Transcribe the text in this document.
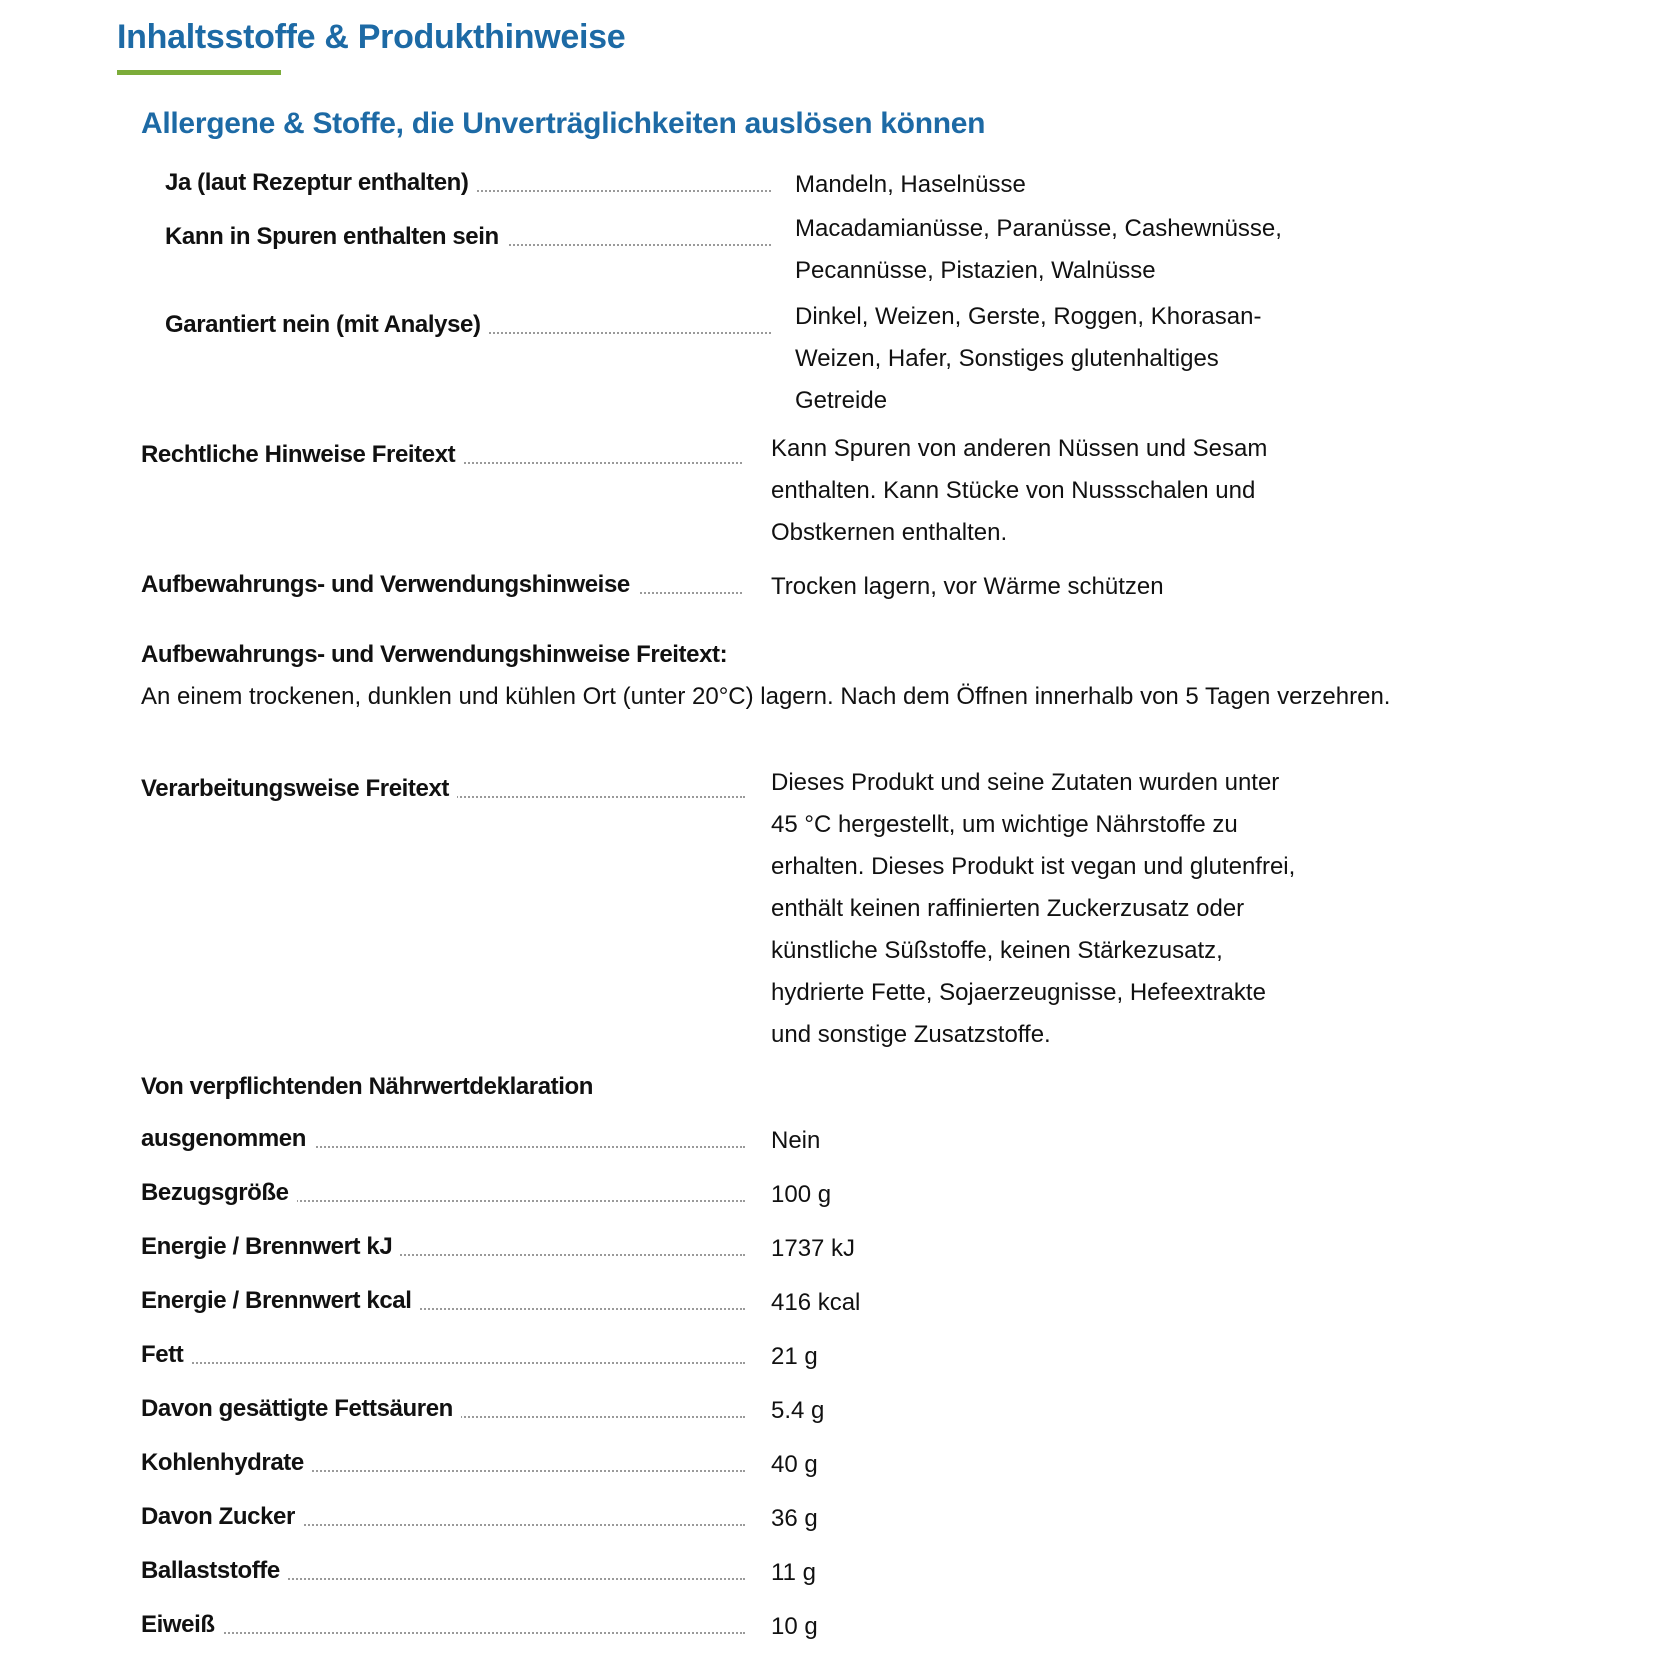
Inhaltsstoffe & Produkthinweise
Allergene & Stoffe, die Unverträglichkeiten auslösen können
Ja (laut Rezeptur enthalten)	Mandeln, Haselnüsse
Kann in Spuren enthalten sein	Macadamianüsse, Paranüsse, Cashewnüsse,
Pecannüsse, Pistazien, Walnüsse
Garantiert nein (mit Analyse)	Dinkel, Weizen, Gerste, Roggen, Khorasan-
Weizen, Hafer, Sonstiges glutenhaltiges
Getreide
Rechtliche Hinweise Freitext	Kann Spuren von anderen Nüssen und Sesam
enthalten. Kann Stücke von Nussschalen und
Obstkernen enthalten.
Aufbewahrungs- und Verwendungshinweise	Trocken lagern, vor Wärme schützen
Aufbewahrungs- und Verwendungshinweise Freitext:
An einem trockenen, dunklen und kühlen Ort (unter 20°C) lagern. Nach dem Öffnen innerhalb von 5 Tagen verzehren.
Verarbeitungsweise Freitext	Dieses Produkt und seine Zutaten wurden unter
45 °C hergestellt, um wichtige Nährstoffe zu
erhalten. Dieses Produkt ist vegan und glutenfrei,
enthält keinen raffinierten Zuckerzusatz oder
künstliche Süßstoffe, keinen Stärkezusatz,
hydrierte Fette, Sojaerzeugnisse, Hefeextrakte
und sonstige Zusatzstoffe.
Von verpflichtenden Nährwertdeklaration
ausgenommen	Nein
Bezugsgröße	100 g
Energie / Brennwert kJ	1737 kJ
Energie / Brennwert kcal	416 kcal
Fett	21 g
Davon gesättigte Fettsäuren	5.4 g
Kohlenhydrate	40 g
Davon Zucker	36 g
Ballaststoffe	11 g
Eiweiß	10 g
